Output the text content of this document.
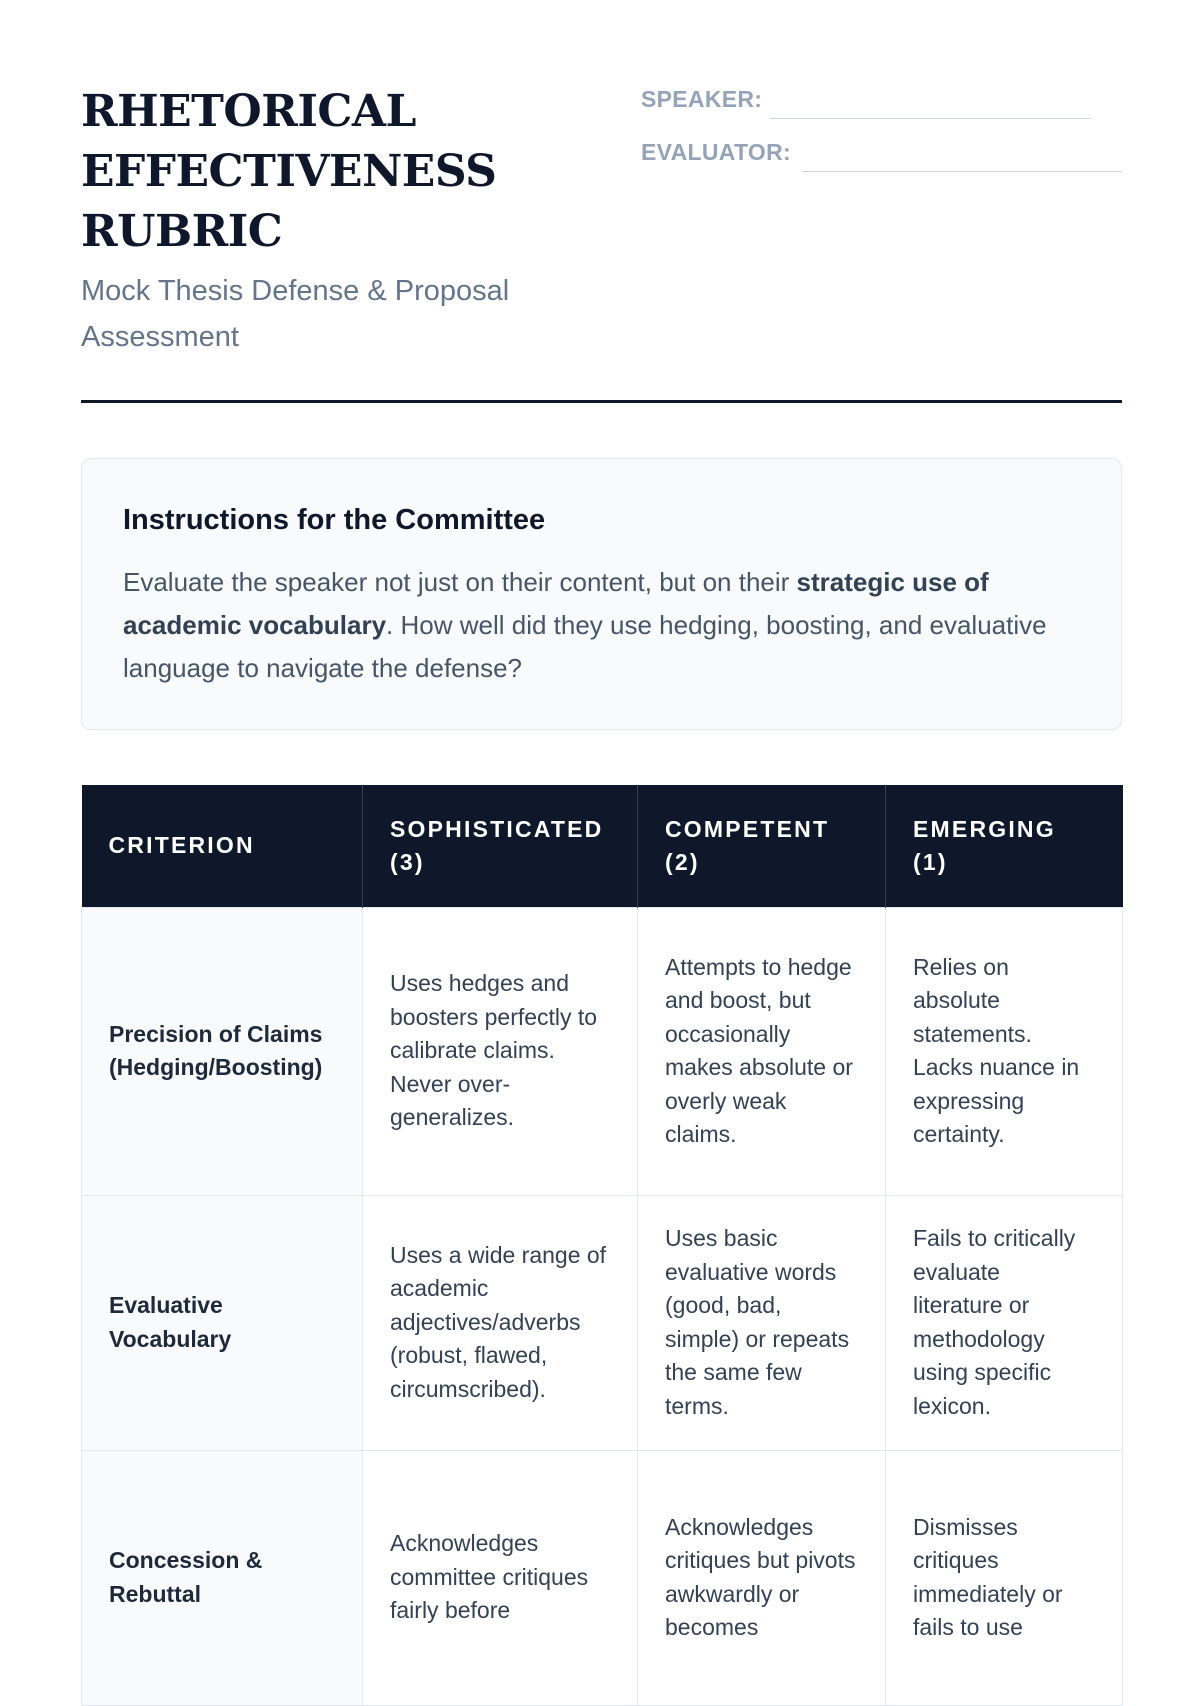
RHETORICAL EFFECTIVENESS RUBRIC
Mock Thesis Defense & Proposal Assessment
SPEAKER:
EVALUATOR:
Instructions for the Committee

Evaluate the speaker not just on their content, but on their strategic use of academic vocabulary. How well did they use hedging, boosting, and evaluative language to navigate the defense?

CRITERION	SOPHISTICATED (3)	COMPETENT (2)	EMERGING (1)
Precision of Claims (Hedging/Boosting)	Uses hedges and boosters perfectly to calibrate claims. Never over-generalizes.	Attempts to hedge and boost, but occasionally makes absolute or overly weak claims.	Relies on absolute statements. Lacks nuance in expressing certainty.
Evaluative Vocabulary	Uses a wide range of academic adjectives/adverbs (robust, flawed, circumscribed).	Uses basic evaluative words (good, bad, simple) or repeats the same few terms.	Fails to critically evaluate literature or methodology using specific lexicon.
Concession & Rebuttal	Acknowledges committee critiques fairly before	Acknowledges critiques but pivots awkwardly or becomes	Dismisses critiques immediately or fails to use
